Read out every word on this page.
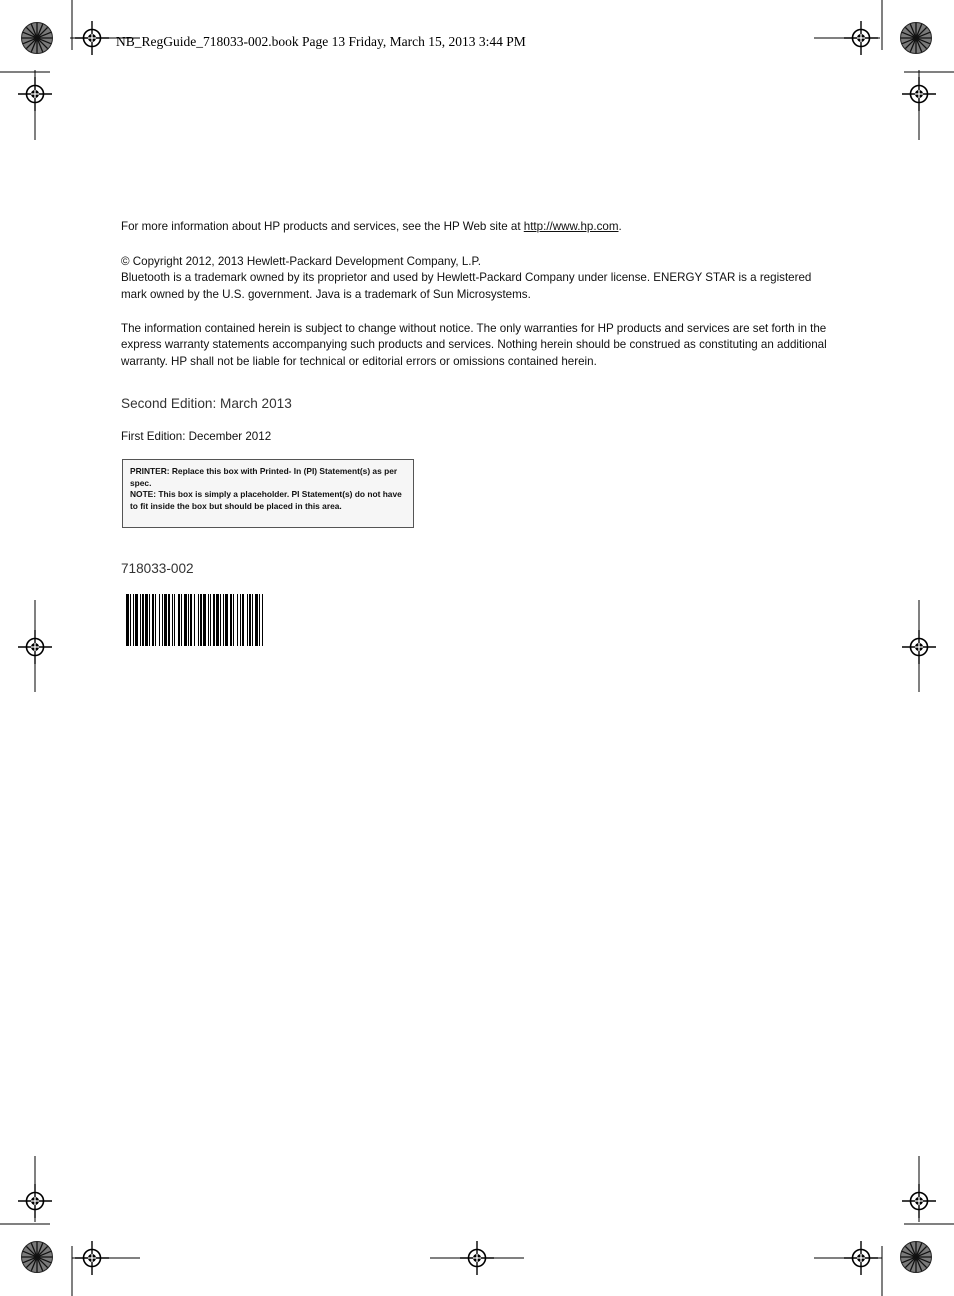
NB_RegGuide_718033-002.book Page 13 Friday, March 15, 2013 3:44 PM

For more information about HP products and services, see the HP Web site at http://www.hp.com.

© Copyright 2012, 2013 Hewlett-Packard Development Company, L.P.

Bluetooth is a trademark owned by its proprietor and used by Hewlett-Packard Company under license. ENERGY STAR is a registered mark owned by the U.S. government. Java is a trademark of Sun Microsystems.

The information contained herein is subject to change without notice. The only warranties for HP products and services are set forth in the express warranty statements accompanying such products and services. Nothing herein should be construed as constituting an additional warranty. HP shall not be liable for technical or editorial errors or omissions contained herein.

Second Edition: March 2013
First Edition: December 2012

PRINTER: Replace this box with Printed- In (PI) Statement(s) as per spec.

NOTE: This box is simply a placeholder. PI Statement(s) do not have to fit inside the box but should be placed in this area.

718033-002
